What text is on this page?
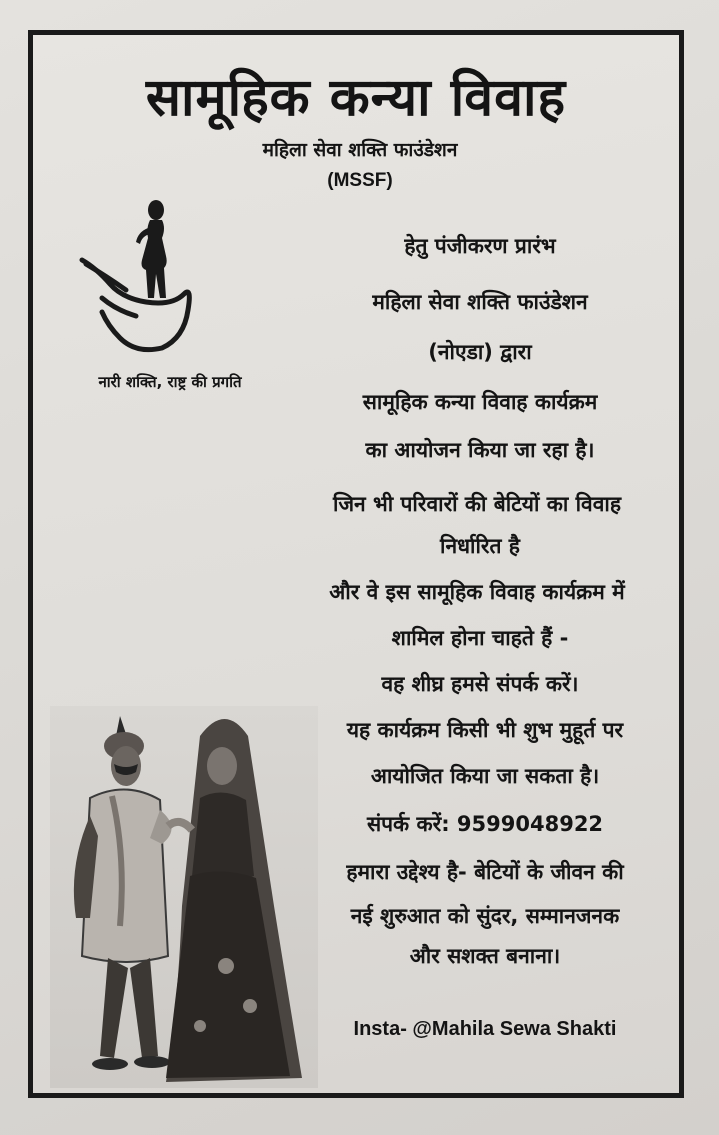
सामूहिक कन्या विवाह
महिला सेवा शक्ति फाउंडेशन
(MSSF)
नारी शक्ति, राष्ट्र की प्रगति
हेतु पंजीकरण प्रारंभ
महिला सेवा शक्ति फाउंडेशन
(नोएडा) द्वारा
सामूहिक कन्या विवाह कार्यक्रम
का आयोजन किया जा रहा है।
जिन भी परिवारों की बेटियों का विवाह
निर्धारित है
और वे इस सामूहिक विवाह कार्यक्रम में
शामिल होना चाहते हैं -
वह शीघ्र हमसे संपर्क करें।
यह कार्यक्रम किसी भी शुभ मुहूर्त पर
आयोजित किया जा सकता है।
संपर्क करें: 9599048922
हमारा उद्देश्य है- बेटियों के जीवन की
नई शुरुआत को सुंदर, सम्मानजनक
और सशक्त बनाना।
Insta- @Mahila Sewa Shakti
